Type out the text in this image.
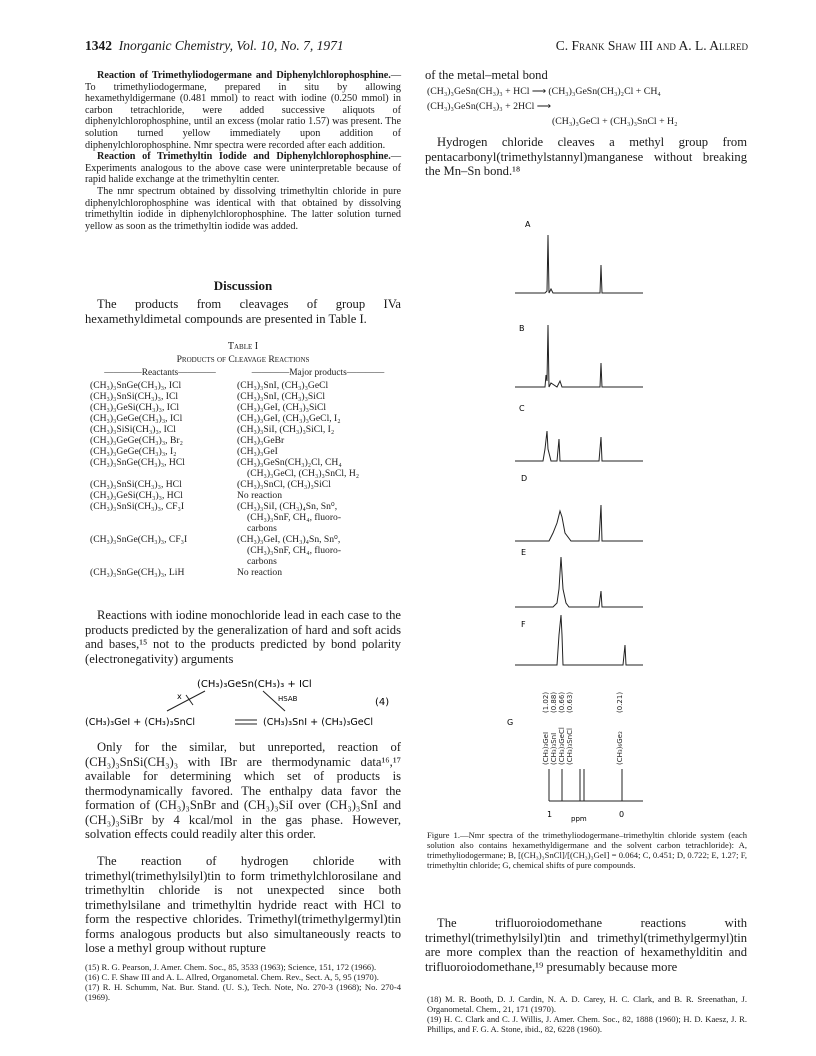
1342 Inorganic Chemistry, Vol. 10, No. 7, 1971	C. Frank Shaw III and A. L. Allred

Reaction of Trimethyliodogermane and Diphenylchlorophosphine.—To trimethyliodogermane, prepared in situ by allowing hexamethyldigermane (0.481 mmol) to react with iodine (0.250 mmol) in carbon tetrachloride, were added successive aliquots of diphenylchlorophosphine, until an excess (molar ratio 1.57) was present. The solution turned yellow immediately upon addition of diphenylchlorophosphine. Nmr spectra were recorded after each addition.

Reaction of Trimethyltin Iodide and Diphenylchlorophosphine.—Experiments analogous to the above case were uninterpretable because of rapid halide exchange at the trimethyltin center.

The nmr spectrum obtained by dissolving trimethyltin chloride in pure diphenylchlorophosphine was identical with that obtained by dissolving trimethyltin iodide in diphenylchlorophosphine. The latter solution turned yellow as soon as the trimethyltin iodide was added.

Discussion
The products from cleavages of group IVa hexamethyldimetal compounds are presented in Table I.
Table I
Products of Cleavage Reactions
————Reactants————	————Major products————
(CH₃)₃SnGe(CH₃)₃, ICl	(CH₃)₃SnI, (CH₃)₃GeCl
(CH₃)₃SnSi(CH₃)₃, ICl	(CH₃)₃SnI, (CH₃)₃SiCl
(CH₃)₃GeSi(CH₃)₃, ICl	(CH₃)₃GeI, (CH₃)₃SiCl
(CH₃)₃GeGe(CH₃)₃, ICl	(CH₃)₃GeI, (CH₃)₃GeCl, I₂
(CH₃)₃SiSi(CH₃)₃, ICl	(CH₃)₃SiI, (CH₃)₃SiCl, I₂
(CH₃)₃GeGe(CH₃)₃, Br₂	(CH₃)₃GeBr
(CH₃)₃GeGe(CH₃)₃, I₂	(CH₃)₃GeI
(CH₃)₃SnGe(CH₃)₃, HCl	(CH₃)₃GeSn(CH₃)₂Cl, CH₄
	(CH₃)₃GeCl, (CH₃)₃SnCl, H₂
(CH₃)₃SnSi(CH₃)₃, HCl	(CH₃)₃SnCl, (CH₃)₃SiCl
(CH₃)₃GeSi(CH₃)₃, HCl	No reaction
(CH₃)₃SnSi(CH₃)₃, CF₃I	(CH₃)₃SiI, (CH₃)₄Sn, Sn⁰,
	(CH₃)₃SnF, CH₄, fluoro-
	carbons
(CH₃)₃SnGe(CH₃)₃, CF₃I	(CH₃)₃GeI, (CH₃)₄Sn, Sn⁰,
	(CH₃)₃SnF, CH₄, fluoro-
	carbons
(CH₃)₃SnGe(CH₃)₃, LiH	No reaction
Reactions with iodine monochloride lead in each case to the products predicted by the generalization of hard and soft acids and bases,¹⁵ not to the products predicted by bond polarity (electronegativity) arguments
(CH₃)₃GeSn(CH₃)₃ + ICl
x	HSAB	(4)
(CH₃)₃GeI + (CH₃)₃SnCl	(CH₃)₃SnI + (CH₃)₃GeCl
Only for the similar, but unreported, reaction of (CH₃)₃SnSi(CH₃)₃ with IBr are thermodynamic data¹⁶,¹⁷ available for determining which set of products is thermodynamically favored. The enthalpy data favor the formation of (CH₃)₃SnBr and (CH₃)₃SiI over (CH₃)₃SnI and (CH₃)₃SiBr by 4 kcal/mol in the gas phase. However, solvation effects could readily alter this order.
The reaction of hydrogen chloride with trimethyl(trimethylsilyl)tin to form trimethylchlorosilane and trimethyltin chloride is not unexpected since both trimethylsilane and trimethyltin hydride react with HCl to form the respective chlorides. Trimethyl(trimethylgermyl)tin forms analogous products but also simultaneously reacts to lose a methyl group without rupture

(15) R. G. Pearson, J. Amer. Chem. Soc., 85, 3533 (1963); Science, 151, 172 (1966).

(16) C. F. Shaw III and A. L. Allred, Organometal. Chem. Rev., Sect. A, 5, 95 (1970).

(17) R. H. Schumm, Nat. Bur. Stand. (U. S.), Tech. Note, No. 270-3 (1968); No. 270-4 (1969).

of the metal–metal bond
(CH₃)₃GeSn(CH₃)₃ + HCl ⟶ (CH₃)₃GeSn(CH₃)₂Cl + CH₄
(CH₃)₃GeSn(CH₃)₃ + 2HCl ⟶
(CH₃)₃GeCl + (CH₃)₃SnCl + H₂
Hydrogen chloride cleaves a methyl group from pentacarbonyl(trimethylstannyl)manganese without breaking the Mn–Sn bond.¹⁸
A
B
C
D
E
F
G
(CH₃)₃GeI (CH₃)₃SnI (CH₃)₃GeCl (CH₃)₃SnCl	(CH₃)₆Ge₂
(1.02) (0.88) (0.66) (0.63)	(0.21)
1	ppm	0
Figure 1.—Nmr spectra of the trimethyliodogermane–trimethyltin chloride system (each solution also contains hexamethyldigermane and the solvent carbon tetrachloride): A, trimethyliodogermane; B, [(CH₃)₃SnCl]/[(CH₃)₃GeI] = 0.064; C, 0.451; D, 0.722; E, 1.27; F, trimethyltin chloride; G, chemical shifts of pure compounds.
The trifluoroiodomethane reactions with trimethyl(trimethylsilyl)tin and trimethyl(trimethylgermyl)tin are more complex than the reaction of hexamethylditin and trifluoroiodomethane,¹⁹ presumably because more

(18) M. R. Booth, D. J. Cardin, N. A. D. Carey, H. C. Clark, and B. R. Sreenathan, J. Organometal. Chem., 21, 171 (1970).

(19) H. C. Clark and C. J. Willis, J. Amer. Chem. Soc., 82, 1888 (1960); H. D. Kaesz, J. R. Phillips, and F. G. A. Stone, ibid., 82, 6228 (1960).
